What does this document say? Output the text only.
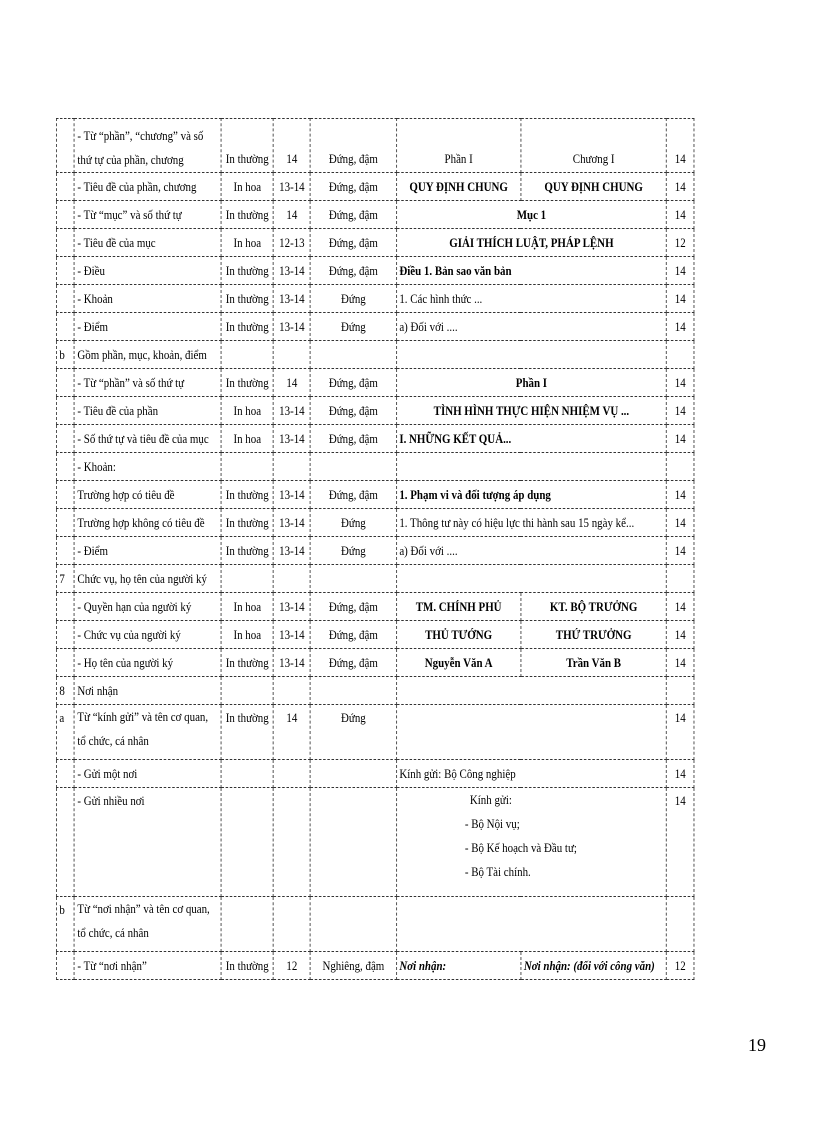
	- Từ “phần”, “chương” và số thứ tự của phần, chương	In thường	14	Đứng, đậm	Phần I	Chương I	14
	- Tiêu đề của phần, chương	In hoa	13-14	Đứng, đậm	QUY ĐỊNH CHUNG	QUY ĐỊNH CHUNG	14
	- Từ “mục” và số thứ tự	In thường	14	Đứng, đậm	Mục 1		14
	- Tiêu đề của mục	In hoa	12-13	Đứng, đậm	GIẢI THÍCH LUẬT, PHÁP LỆNH		12
	- Điều	In thường	13-14	Đứng, đậm	Điều 1. Bản sao văn bản		14
	- Khoản	In thường	13-14	Đứng	1. Các hình thức ...		14
	- Điểm	In thường	13-14	Đứng	a) Đối với ....		14
b	Gồm phần, mục, khoản, điểm						
	- Từ “phần” và số thứ tự	In thường	14	Đứng, đậm	Phần I		14
	- Tiêu đề của phần	In hoa	13-14	Đứng, đậm	TÌNH HÌNH THỰC HIỆN NHIỆM VỤ ...		14
	- Số thứ tự và tiêu đề của mục	In hoa	13-14	Đứng, đậm	I. NHỮNG KẾT QUẢ...		14
	- Khoản:						
	Trường hợp có tiêu đề	In thường	13-14	Đứng, đậm	1. Phạm vi và đối tượng áp dụng		14
	Trường hợp không có tiêu đề	In thường	13-14	Đứng	1. Thông tư này có hiệu lực thi hành sau 15 ngày kể...		14
	- Điểm	In thường	13-14	Đứng	a) Đối với ....		14
7	Chức vụ, họ tên của người ký						
	- Quyền hạn của người ký	In hoa	13-14	Đứng, đậm	TM. CHÍNH PHỦ	KT. BỘ TRƯỞNG	14
	- Chức vụ của người ký	In hoa	13-14	Đứng, đậm	THỦ TƯỚNG	THỨ TRƯỞNG	14
	- Họ tên của người ký	In thường	13-14	Đứng, đậm	Nguyễn Văn A	Trần Văn B	14
8	Nơi nhận						
a	Từ “kính gửi” và tên cơ quan, tổ chức, cá nhân	In thường	14	Đứng			14
	- Gửi một nơi				Kính gửi: Bộ Công nghiệp		14
	- Gửi nhiều nơi				Kính gửi:
- Bộ Nội vụ;
- Bộ Kế hoạch và Đầu tư;
- Bộ Tài chính.		14
b	Từ “nơi nhận” và tên cơ quan, tổ chức, cá nhân						
	- Từ “nơi nhận”	In thường	12	Nghiêng, đậm	Nơi nhận:	Nơi nhận: (đối với công văn)	12
19
